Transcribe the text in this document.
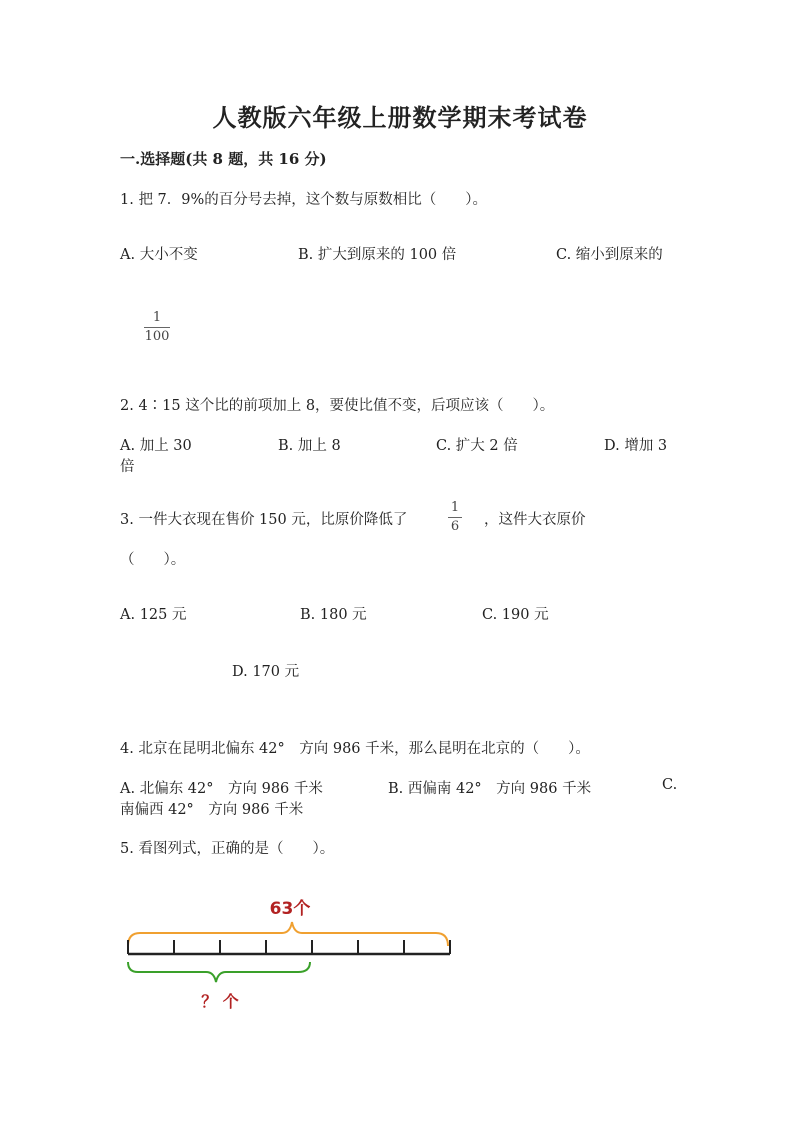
人教版六年级上册数学期末考试卷
一.选择题(共 8 题，共 16 分)
1. 把 7．9%的百分号去掉，这个数与原数相比（　　）。
A. 大小不变	B. 扩大到原来的 100 倍	C. 缩小到原来的
1
100
2. 4∶15 这个比的前项加上 8，要使比值不变，后项应该（　　）。
A. 加上 30	B. 加上 8	C. 扩大 2 倍	D. 增加 3
倍
3. 一件大衣现在售价 150 元，比原价降低了
1
6 ，这件大衣原价
（　　）。
A. 125 元	B. 180 元	C. 190 元
D. 170 元
4. 北京在昆明北偏东 42°　方向 986 千米，那么昆明在北京的（　　）。
A. 北偏东 42°　方向 986 千米	B. 西偏南 42°　方向 986 千米	C.
南偏西 42°　方向 986 千米
5. 看图列式，正确的是（　　）。
63个
？ 个
